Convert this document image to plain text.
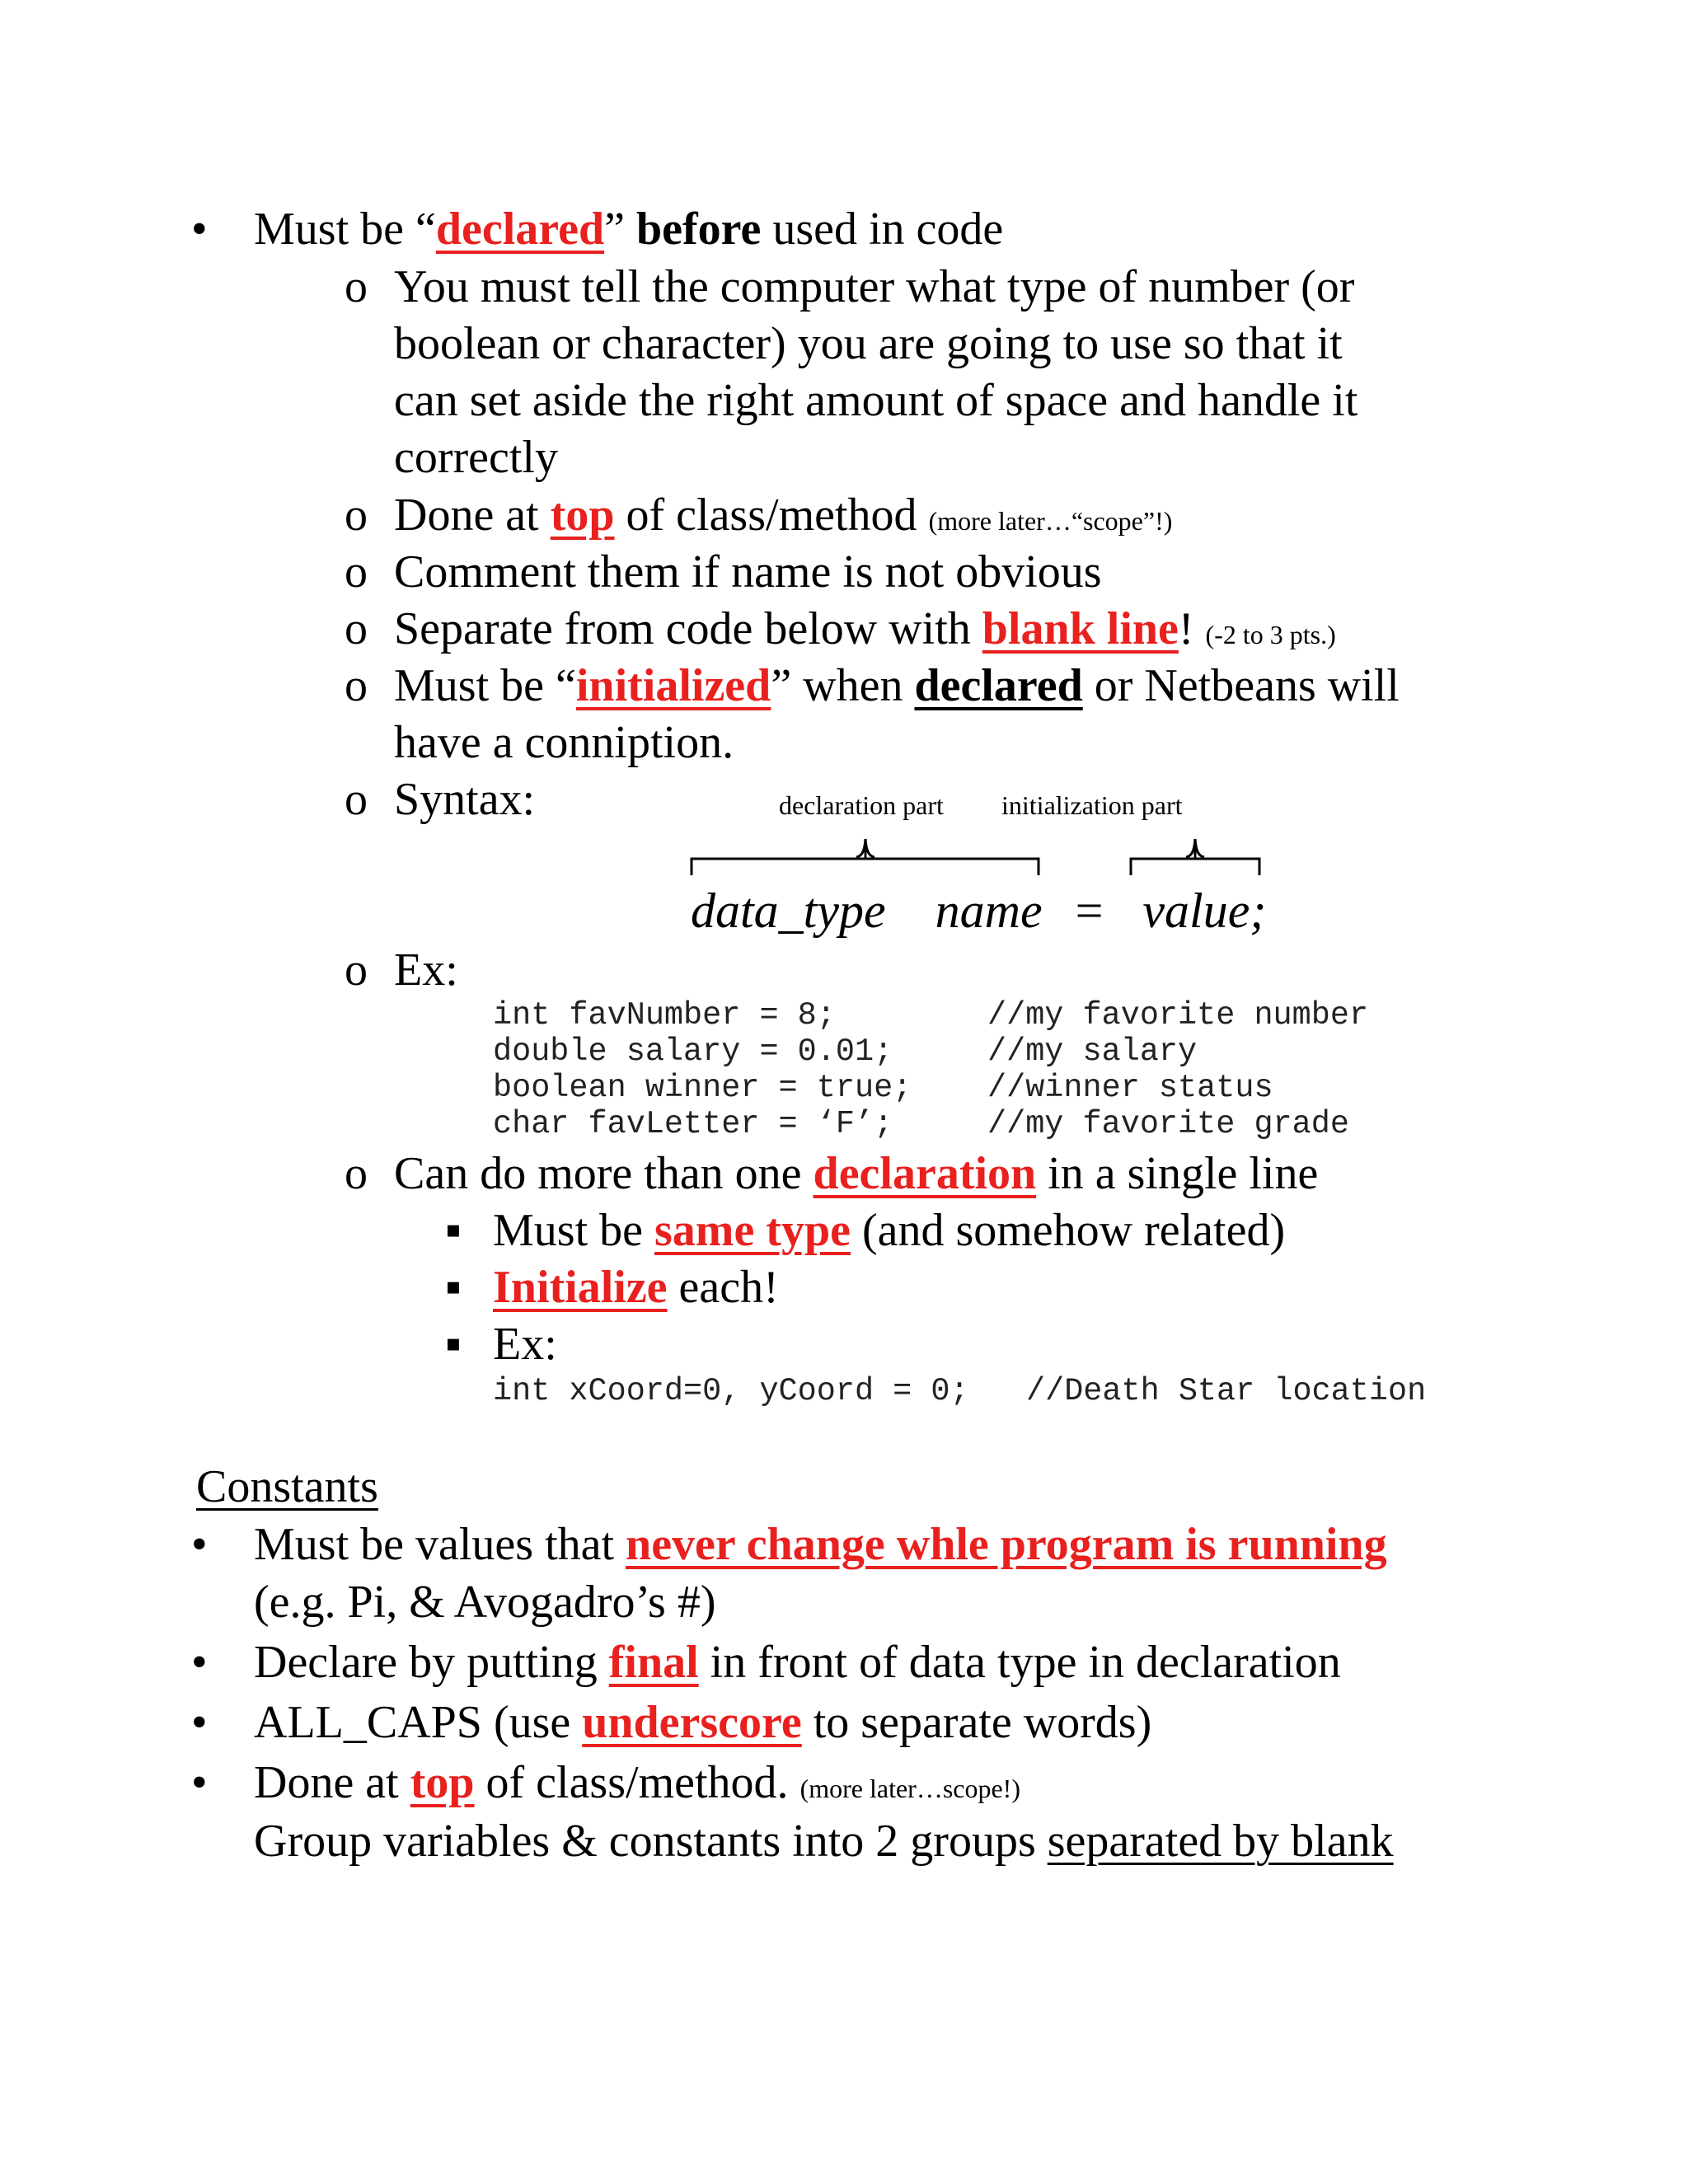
• Must be “declared” before used in code
o You must tell the computer what type of number (or
boolean or character) you are going to use so that it
can set aside the right amount of space and handle it
correctly
o Done at top of class/method (more later…“scope”!)
o Comment them if name is not obvious
o Separate from code below with blank line! (-2 to 3 pts.)
o Must be “initialized” when declared or Netbeans will
have a conniption.
o Syntax:	declaration part initialization part
data_type name = value;
o Ex:
int favNumber = 8;
double salary = 0.01;
boolean winner = true;
char favLetter = ‘F’;
//my favorite number
//my salary
//winner status
//my favorite grade
o Can do more than one declaration in a single line
▪ Must be same type (and somehow related)
▪ Initialize each!
▪ Ex:
int xCoord=0, yCoord = 0; //Death Star location
Constants
• Must be values that never change whle program is running
(e.g. Pi, & Avogadro’s #)
• Declare by putting final in front of data type in declaration
• ALL_CAPS (use underscore to separate words)
• Done at top of class/method. (more later…scope!)
Group variables & constants into 2 groups separated by blank
